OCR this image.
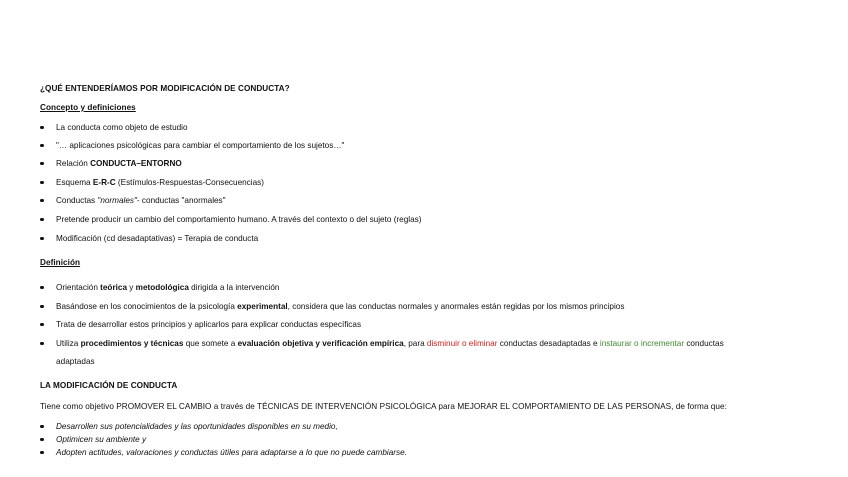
¿QUÉ ENTENDERÍAMOS POR MODIFICACIÓN DE CONDUCTA?
Concepto y definiciones
La conducta como objeto de estudio
"… aplicaciones psicológicas para cambiar el comportamiento de los sujetos…"
Relación CONDUCTA–ENTORNO
Esquema E-R-C (Estímulos-Respuestas-Consecuencias)
Conductas "normales"- conductas "anormales"
Pretende producir un cambio del comportamiento humano. A través del contexto o del sujeto (reglas)
Modificación (cd desadaptativas) = Terapia de conducta
Definición
Orientación teórica y metodológica dirigida a la intervención
Basándose en los conocimientos de la psicología experimental, considera que las conductas normales y anormales están regidas por los mismos principios
Trata de desarrollar estos principios y aplicarlos para explicar conductas específicas
Utiliza procedimientos y técnicas que somete a evaluación objetiva y verificación empírica, para disminuir o eliminar conductas desadaptadas e instaurar o incrementar conductas
adaptadas
LA MODIFICACIÓN DE CONDUCTA
Tiene como objetivo PROMOVER EL CAMBIO a través de TÉCNICAS DE INTERVENCIÓN PSICOLÓGICA para MEJORAR EL COMPORTAMIENTO DE LAS PERSONAS, de forma que:
Desarrollen sus potencialidades y las oportunidades disponibles en su medio,
Optimicen su ambiente y
Adopten actitudes, valoraciones y conductas útiles para adaptarse a lo que no puede cambiarse.
